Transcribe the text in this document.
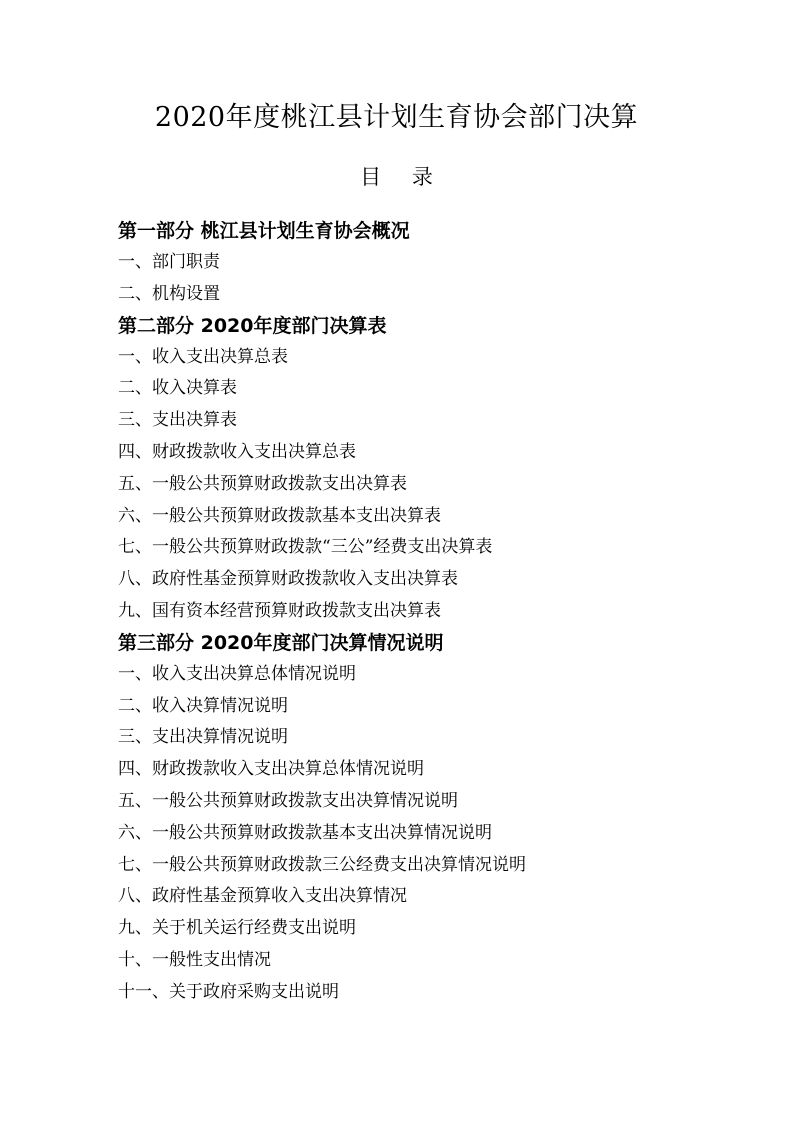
2020年度桃江县计划生育协会部门决算
目 录
第一部分 桃江县计划生育协会概况
一、部门职责
二、机构设置
第二部分 2020年度部门决算表
一、收入支出决算总表
二、收入决算表
三、支出决算表
四、财政拨款收入支出决算总表
五、一般公共预算财政拨款支出决算表
六、一般公共预算财政拨款基本支出决算表
七、一般公共预算财政拨款“三公”经费支出决算表
八、政府性基金预算财政拨款收入支出决算表
九、国有资本经营预算财政拨款支出决算表
第三部分 2020年度部门决算情况说明
一、收入支出决算总体情况说明
二、收入决算情况说明
三、支出决算情况说明
四、财政拨款收入支出决算总体情况说明
五、一般公共预算财政拨款支出决算情况说明
六、一般公共预算财政拨款基本支出决算情况说明
七、一般公共预算财政拨款三公经费支出决算情况说明
八、政府性基金预算收入支出决算情况
九、关于机关运行经费支出说明
十、一般性支出情况
十一、关于政府采购支出说明
